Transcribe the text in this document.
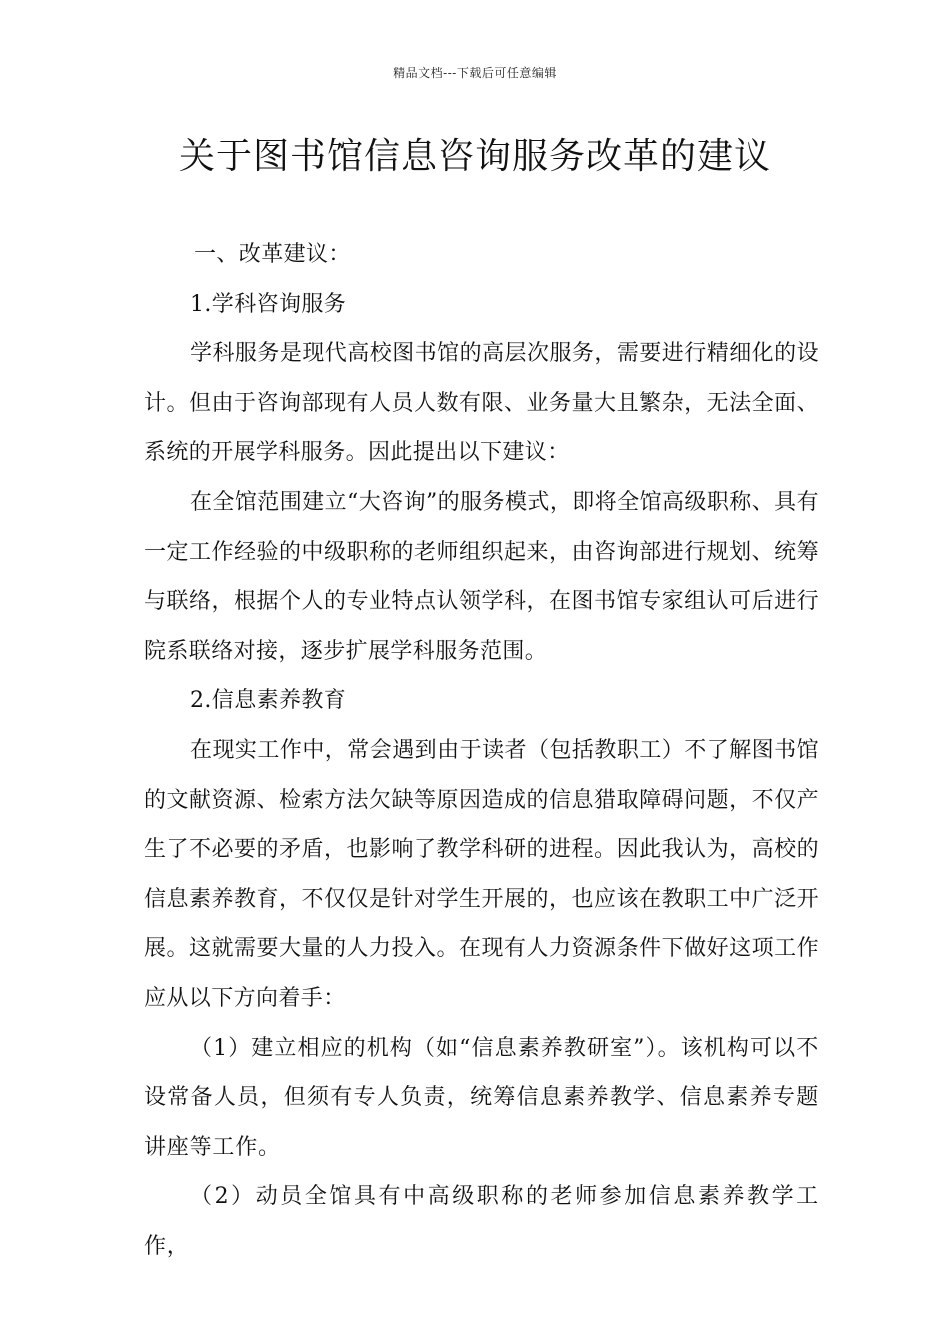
精品文档---下载后可任意编辑
关于图书馆信息咨询服务改革的建议

一、改革建议：

1.学科咨询服务

学科服务是现代高校图书馆的高层次服务，需要进行精细化的设计。但由于咨询部现有人员人数有限、业务量大且繁杂，无法全面、系统的开展学科服务。因此提出以下建议：

在全馆范围建立“大咨询”的服务模式，即将全馆高级职称、具有一定工作经验的中级职称的老师组织起来，由咨询部进行规划、统筹与联络，根据个人的专业特点认领学科，在图书馆专家组认可后进行院系联络对接，逐步扩展学科服务范围。

2.信息素养教育

在现实工作中，常会遇到由于读者（包括教职工）不了解图书馆的文献资源、检索方法欠缺等原因造成的信息猎取障碍问题，不仅产生了不必要的矛盾，也影响了教学科研的进程。因此我认为，高校的信息素养教育，不仅仅是针对学生开展的，也应该在教职工中广泛开展。这就需要大量的人力投入。在现有人力资源条件下做好这项工作应从以下方向着手：

（1）建立相应的机构（如“信息素养教研室”）。该机构可以不设常备人员，但须有专人负责，统筹信息素养教学、信息素养专题讲座等工作。

（2）动员全馆具有中高级职称的老师参加信息素养教学工作，
